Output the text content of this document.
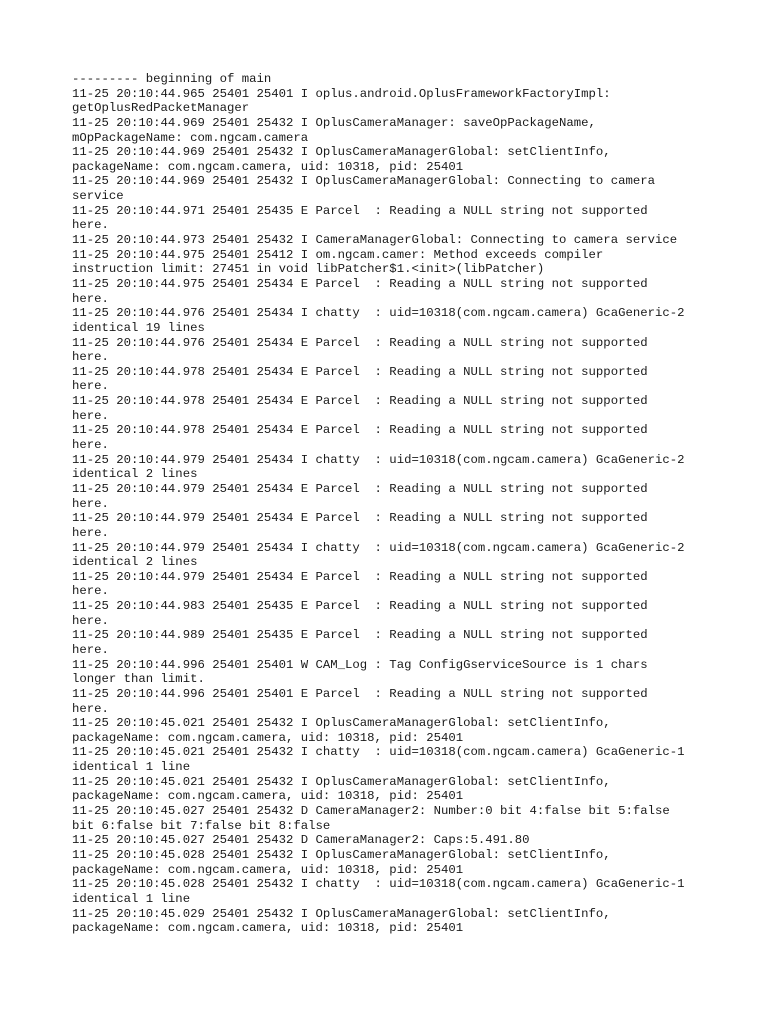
--------- beginning of main
11-25 20:10:44.965 25401 25401 I oplus.android.OplusFrameworkFactoryImpl:
getOplusRedPacketManager
11-25 20:10:44.969 25401 25432 I OplusCameraManager: saveOpPackageName,
mOpPackageName: com.ngcam.camera
11-25 20:10:44.969 25401 25432 I OplusCameraManagerGlobal: setClientInfo,
packageName: com.ngcam.camera, uid: 10318, pid: 25401
11-25 20:10:44.969 25401 25432 I OplusCameraManagerGlobal: Connecting to camera
service
11-25 20:10:44.971 25401 25435 E Parcel  : Reading a NULL string not supported
here.
11-25 20:10:44.973 25401 25432 I CameraManagerGlobal: Connecting to camera service
11-25 20:10:44.975 25401 25412 I om.ngcam.camer: Method exceeds compiler
instruction limit: 27451 in void libPatcher$1.<init>(libPatcher)
11-25 20:10:44.975 25401 25434 E Parcel  : Reading a NULL string not supported
here.
11-25 20:10:44.976 25401 25434 I chatty  : uid=10318(com.ngcam.camera) GcaGeneric-2
identical 19 lines
11-25 20:10:44.976 25401 25434 E Parcel  : Reading a NULL string not supported
here.
11-25 20:10:44.978 25401 25434 E Parcel  : Reading a NULL string not supported
here.
11-25 20:10:44.978 25401 25434 E Parcel  : Reading a NULL string not supported
here.
11-25 20:10:44.978 25401 25434 E Parcel  : Reading a NULL string not supported
here.
11-25 20:10:44.979 25401 25434 I chatty  : uid=10318(com.ngcam.camera) GcaGeneric-2
identical 2 lines
11-25 20:10:44.979 25401 25434 E Parcel  : Reading a NULL string not supported
here.
11-25 20:10:44.979 25401 25434 E Parcel  : Reading a NULL string not supported
here.
11-25 20:10:44.979 25401 25434 I chatty  : uid=10318(com.ngcam.camera) GcaGeneric-2
identical 2 lines
11-25 20:10:44.979 25401 25434 E Parcel  : Reading a NULL string not supported
here.
11-25 20:10:44.983 25401 25435 E Parcel  : Reading a NULL string not supported
here.
11-25 20:10:44.989 25401 25435 E Parcel  : Reading a NULL string not supported
here.
11-25 20:10:44.996 25401 25401 W CAM_Log : Tag ConfigGserviceSource is 1 chars
longer than limit.
11-25 20:10:44.996 25401 25401 E Parcel  : Reading a NULL string not supported
here.
11-25 20:10:45.021 25401 25432 I OplusCameraManagerGlobal: setClientInfo,
packageName: com.ngcam.camera, uid: 10318, pid: 25401
11-25 20:10:45.021 25401 25432 I chatty  : uid=10318(com.ngcam.camera) GcaGeneric-1
identical 1 line
11-25 20:10:45.021 25401 25432 I OplusCameraManagerGlobal: setClientInfo,
packageName: com.ngcam.camera, uid: 10318, pid: 25401
11-25 20:10:45.027 25401 25432 D CameraManager2: Number:0 bit 4:false bit 5:false
bit 6:false bit 7:false bit 8:false
11-25 20:10:45.027 25401 25432 D CameraManager2: Caps:5.491.80
11-25 20:10:45.028 25401 25432 I OplusCameraManagerGlobal: setClientInfo,
packageName: com.ngcam.camera, uid: 10318, pid: 25401
11-25 20:10:45.028 25401 25432 I chatty  : uid=10318(com.ngcam.camera) GcaGeneric-1
identical 1 line
11-25 20:10:45.029 25401 25432 I OplusCameraManagerGlobal: setClientInfo,
packageName: com.ngcam.camera, uid: 10318, pid: 25401
